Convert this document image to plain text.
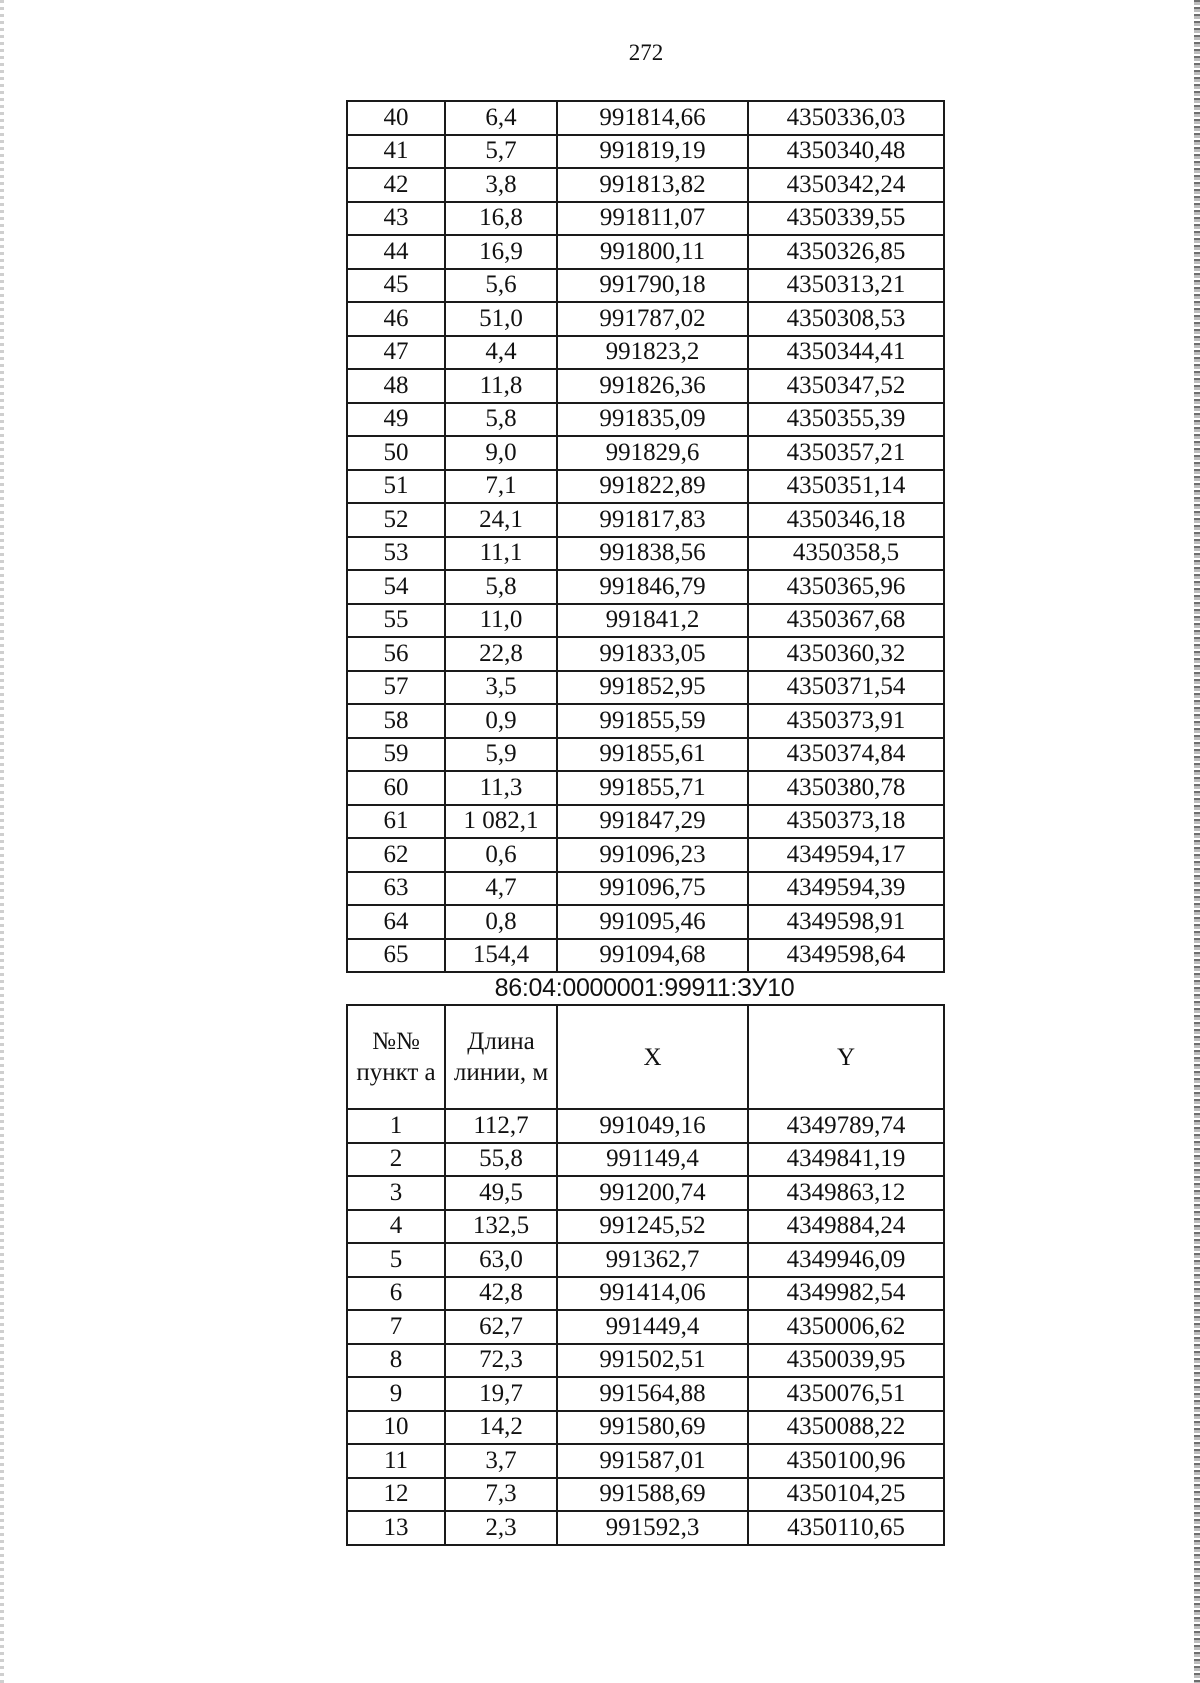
272
40	6,4	991814,66	4350336,03
41	5,7	991819,19	4350340,48
42	3,8	991813,82	4350342,24
43	16,8	991811,07	4350339,55
44	16,9	991800,11	4350326,85
45	5,6	991790,18	4350313,21
46	51,0	991787,02	4350308,53
47	4,4	991823,2	4350344,41
48	11,8	991826,36	4350347,52
49	5,8	991835,09	4350355,39
50	9,0	991829,6	4350357,21
51	7,1	991822,89	4350351,14
52	24,1	991817,83	4350346,18
53	11,1	991838,56	4350358,5
54	5,8	991846,79	4350365,96
55	11,0	991841,2	4350367,68
56	22,8	991833,05	4350360,32
57	3,5	991852,95	4350371,54
58	0,9	991855,59	4350373,91
59	5,9	991855,61	4350374,84
60	11,3	991855,71	4350380,78
61	1 082,1	991847,29	4350373,18
62	0,6	991096,23	4349594,17
63	4,7	991096,75	4349594,39
64	0,8	991095,46	4349598,91
65	154,4	991094,68	4349598,64
86:04:0000001:99911:ЗУ10
№№ пункт а	Длина линии, м	X	Y
1	112,7	991049,16	4349789,74
2	55,8	991149,4	4349841,19
3	49,5	991200,74	4349863,12
4	132,5	991245,52	4349884,24
5	63,0	991362,7	4349946,09
6	42,8	991414,06	4349982,54
7	62,7	991449,4	4350006,62
8	72,3	991502,51	4350039,95
9	19,7	991564,88	4350076,51
10	14,2	991580,69	4350088,22
11	3,7	991587,01	4350100,96
12	7,3	991588,69	4350104,25
13	2,3	991592,3	4350110,65
